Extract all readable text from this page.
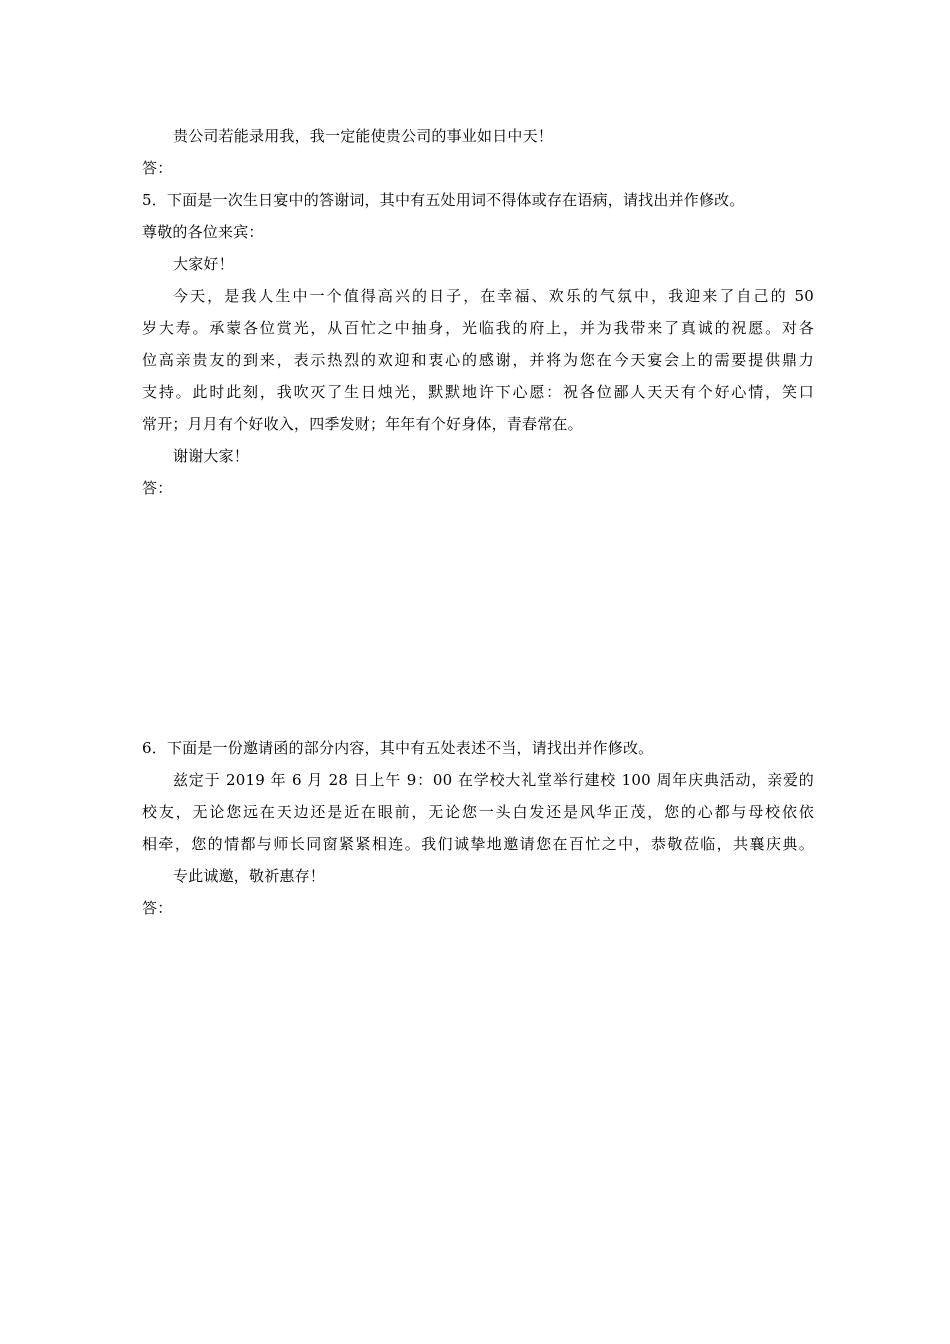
贵公司若能录用我，我一定能使贵公司的事业如日中天！
答：
5．下面是一次生日宴中的答谢词，其中有五处用词不得体或存在语病，请找出并作修改。
尊敬的各位来宾：
大家好！
今天，是我人生中一个值得高兴的日子，在幸福、欢乐的气氛中，我迎来了自己的 50
岁大寿。承蒙各位赏光，从百忙之中抽身，光临我的府上，并为我带来了真诚的祝愿。对各
位高亲贵友的到来，表示热烈的欢迎和衷心的感谢，并将为您在今天宴会上的需要提供鼎力
支持。此时此刻，我吹灭了生日烛光，默默地许下心愿：祝各位鄙人天天有个好心情，笑口
常开；月月有个好收入，四季发财；年年有个好身体，青春常在。
谢谢大家！
答：
6．下面是一份邀请函的部分内容，其中有五处表述不当，请找出并作修改。
兹定于 2019 年 6 月 28 日上午 9：00 在学校大礼堂举行建校 100 周年庆典活动，亲爱的
校友，无论您远在天边还是近在眼前，无论您一头白发还是风华正茂，您的心都与母校依依
相牵，您的情都与师长同窗紧紧相连。我们诚挚地邀请您在百忙之中，恭敬莅临，共襄庆典。
专此诚邀，敬祈惠存！
答：
